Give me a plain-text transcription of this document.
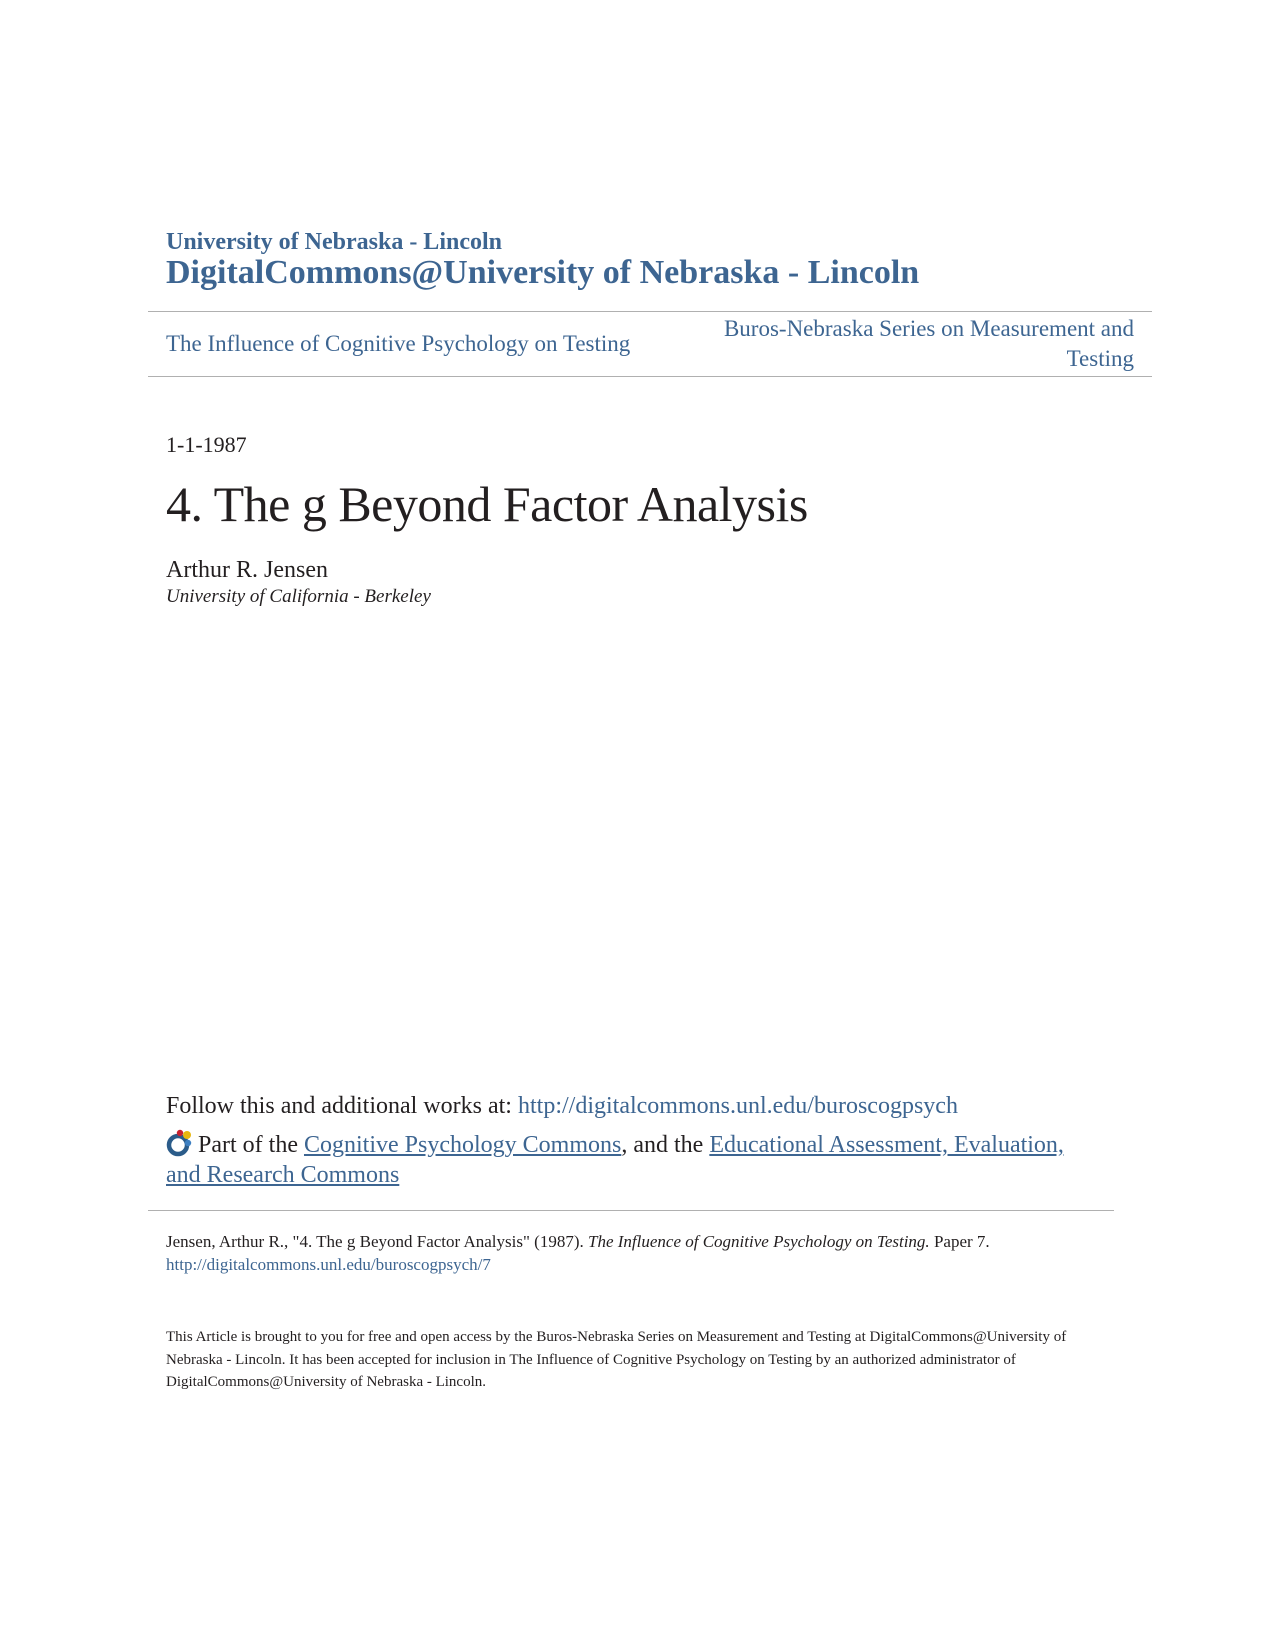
University of Nebraska - Lincoln
DigitalCommons@University of Nebraska - Lincoln
The Influence of Cognitive Psychology on Testing
Buros-Nebraska Series on Measurement and Testing
1-1-1987
4. The g Beyond Factor Analysis
Arthur R. Jensen
University of California - Berkeley
Follow this and additional works at: http://digitalcommons.unl.edu/buroscogpsych
Part of the Cognitive Psychology Commons, and the Educational Assessment, Evaluation, and Research Commons
Jensen, Arthur R., "4. The g Beyond Factor Analysis" (1987). The Influence of Cognitive Psychology on Testing. Paper 7.
http://digitalcommons.unl.edu/buroscogpsych/7
This Article is brought to you for free and open access by the Buros-Nebraska Series on Measurement and Testing at DigitalCommons@University of Nebraska - Lincoln. It has been accepted for inclusion in The Influence of Cognitive Psychology on Testing by an authorized administrator of DigitalCommons@University of Nebraska - Lincoln.
